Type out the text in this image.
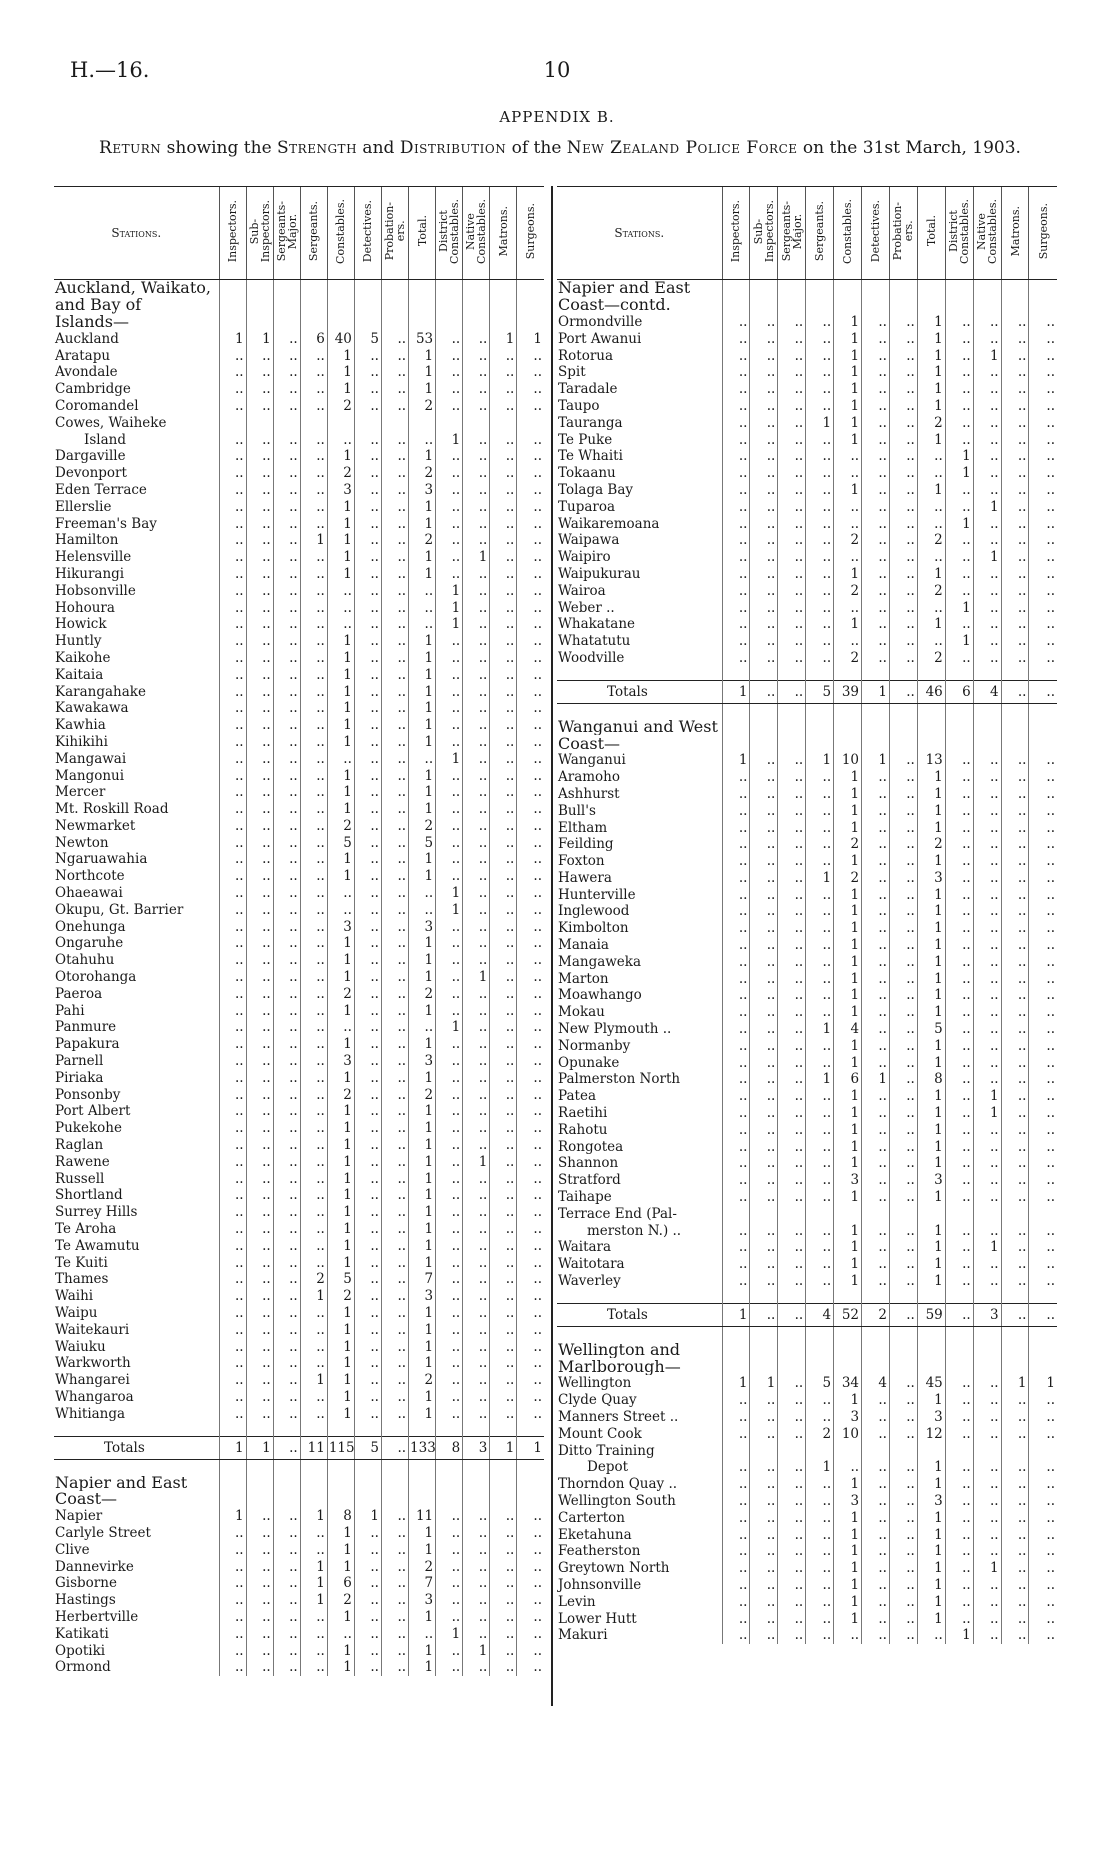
H.—16.	10
APPENDIX B.
Return showing the Strength and Distribution of the New Zealand Police Force on the 31st March, 1903.
Stations.	Inspectors.	Sub-
Inspectors.	Sergeants-
Major.	Sergeants.	Constables.	Detectives.	Probation-
ers.	Total.	District
Constables.	Native
Constables.	Matrons.	Surgeons.
Auckland, Waikato,												
and Bay of												
Islands—												
Auckland	1	1	..	6	40	5	..	53	..	..	1	1
Aratapu	..	..	..	..	1	..	..	1	..	..	..	..
Avondale	..	..	..	..	1	..	..	1	..	..	..	..
Cambridge	..	..	..	..	1	..	..	1	..	..	..	..
Coromandel	..	..	..	..	2	..	..	2	..	..	..	..
Cowes, Waiheke												
Island	..	..	..	..	..	..	..	..	1	..	..	..
Dargaville	..	..	..	..	1	..	..	1	..	..	..	..
Devonport	..	..	..	..	2	..	..	2	..	..	..	..
Eden Terrace	..	..	..	..	3	..	..	3	..	..	..	..
Ellerslie	..	..	..	..	1	..	..	1	..	..	..	..
Freeman's Bay	..	..	..	..	1	..	..	1	..	..	..	..
Hamilton	..	..	..	1	1	..	..	2	..	..	..	..
Helensville	..	..	..	..	1	..	..	1	..	1	..	..
Hikurangi	..	..	..	..	1	..	..	1	..	..	..	..
Hobsonville	..	..	..	..	..	..	..	..	1	..	..	..
Hohoura	..	..	..	..	..	..	..	..	1	..	..	..
Howick	..	..	..	..	..	..	..	..	1	..	..	..
Huntly	..	..	..	..	1	..	..	1	..	..	..	..
Kaikohe	..	..	..	..	1	..	..	1	..	..	..	..
Kaitaia	..	..	..	..	1	..	..	1	..	..	..	..
Karangahake	..	..	..	..	1	..	..	1	..	..	..	..
Kawakawa	..	..	..	..	1	..	..	1	..	..	..	..
Kawhia	..	..	..	..	1	..	..	1	..	..	..	..
Kihikihi	..	..	..	..	1	..	..	1	..	..	..	..
Mangawai	..	..	..	..	..	..	..	..	1	..	..	..
Mangonui	..	..	..	..	1	..	..	1	..	..	..	..
Mercer	..	..	..	..	1	..	..	1	..	..	..	..
Mt. Roskill Road	..	..	..	..	1	..	..	1	..	..	..	..
Newmarket	..	..	..	..	2	..	..	2	..	..	..	..
Newton	..	..	..	..	5	..	..	5	..	..	..	..
Ngaruawahia	..	..	..	..	1	..	..	1	..	..	..	..
Northcote	..	..	..	..	1	..	..	1	..	..	..	..
Ohaeawai	..	..	..	..	..	..	..	..	1	..	..	..
Okupu, Gt. Barrier	..	..	..	..	..	..	..	..	1	..	..	..
Onehunga	..	..	..	..	3	..	..	3	..	..	..	..
Ongaruhe	..	..	..	..	1	..	..	1	..	..	..	..
Otahuhu	..	..	..	..	1	..	..	1	..	..	..	..
Otorohanga	..	..	..	..	1	..	..	1	..	1	..	..
Paeroa	..	..	..	..	2	..	..	2	..	..	..	..
Pahi	..	..	..	..	1	..	..	1	..	..	..	..
Panmure	..	..	..	..	..	..	..	..	1	..	..	..
Papakura	..	..	..	..	1	..	..	1	..	..	..	..
Parnell	..	..	..	..	3	..	..	3	..	..	..	..
Piriaka	..	..	..	..	1	..	..	1	..	..	..	..
Ponsonby	..	..	..	..	2	..	..	2	..	..	..	..
Port Albert	..	..	..	..	1	..	..	1	..	..	..	..
Pukekohe	..	..	..	..	1	..	..	1	..	..	..	..
Raglan	..	..	..	..	1	..	..	1	..	..	..	..
Rawene	..	..	..	..	1	..	..	1	..	1	..	..
Russell	..	..	..	..	1	..	..	1	..	..	..	..
Shortland	..	..	..	..	1	..	..	1	..	..	..	..
Surrey Hills	..	..	..	..	1	..	..	1	..	..	..	..
Te Aroha	..	..	..	..	1	..	..	1	..	..	..	..
Te Awamutu	..	..	..	..	1	..	..	1	..	..	..	..
Te Kuiti	..	..	..	..	1	..	..	1	..	..	..	..
Thames	..	..	..	2	5	..	..	7	..	..	..	..
Waihi	..	..	..	1	2	..	..	3	..	..	..	..
Waipu	..	..	..	..	1	..	..	1	..	..	..	..
Waitekauri	..	..	..	..	1	..	..	1	..	..	..	..
Waiuku	..	..	..	..	1	..	..	1	..	..	..	..
Warkworth	..	..	..	..	1	..	..	1	..	..	..	..
Whangarei	..	..	..	1	1	..	..	2	..	..	..	..
Whangaroa	..	..	..	..	1	..	..	1	..	..	..	..
Whitianga	..	..	..	..	1	..	..	1	..	..	..	..

Totals	1	1	..	11	115	5	..	133	8	3	1	1

Napier and East												
Coast—												
Napier	1	..	..	1	8	1	..	11	..	..	..	..
Carlyle Street	..	..	..	..	1	..	..	1	..	..	..	..
Clive	..	..	..	..	1	..	..	1	..	..	..	..
Dannevirke	..	..	..	1	1	..	..	2	..	..	..	..
Gisborne	..	..	..	1	6	..	..	7	..	..	..	..
Hastings	..	..	..	1	2	..	..	3	..	..	..	..
Herbertville	..	..	..	..	1	..	..	1	..	..	..	..
Katikati	..	..	..	..	..	..	..	..	1	..	..	..
Opotiki	..	..	..	..	1	..	..	1	..	1	..	..
Ormond	..	..	..	..	1	..	..	1	..	..	..	..
Stations.	Inspectors.	Sub-
Inspectors.	Sergeants-
Major.	Sergeants.	Constables.	Detectives.	Probation-
ers.	Total.	District
Constables.	Native
Constables.	Matrons.	Surgeons.
Napier and East												
Coast—contd.												
Ormondville	..	..	..	..	1	..	..	1	..	..	..	..
Port Awanui	..	..	..	..	1	..	..	1	..	..	..	..
Rotorua	..	..	..	..	1	..	..	1	..	1	..	..
Spit	..	..	..	..	1	..	..	1	..	..	..	..
Taradale	..	..	..	..	1	..	..	1	..	..	..	..
Taupo	..	..	..	..	1	..	..	1	..	..	..	..
Tauranga	..	..	..	1	1	..	..	2	..	..	..	..
Te Puke	..	..	..	..	1	..	..	1	..	..	..	..
Te Whaiti	..	..	..	..	..	..	..	..	1	..	..	..
Tokaanu	..	..	..	..	..	..	..	..	1	..	..	..
Tolaga Bay	..	..	..	..	1	..	..	1	..	..	..	..
Tuparoa	..	..	..	..	..	..	..	..	..	1	..	..
Waikaremoana	..	..	..	..	..	..	..	..	1	..	..	..
Waipawa	..	..	..	..	2	..	..	2	..	..	..	..
Waipiro	..	..	..	..	..	..	..	..	..	1	..	..
Waipukurau	..	..	..	..	1	..	..	1	..	..	..	..
Wairoa	..	..	..	..	2	..	..	2	..	..	..	..
Weber ..	..	..	..	..	..	..	..	..	1	..	..	..
Whakatane	..	..	..	..	1	..	..	1	..	..	..	..
Whatatutu	..	..	..	..	..	..	..	..	1	..	..	..
Woodville	..	..	..	..	2	..	..	2	..	..	..	..

Totals	1	..	..	5	39	1	..	46	6	4	..	..

Wanganui and West												
Coast—												
Wanganui	1	..	..	1	10	1	..	13	..	..	..	..
Aramoho	..	..	..	..	1	..	..	1	..	..	..	..
Ashhurst	..	..	..	..	1	..	..	1	..	..	..	..
Bull's	..	..	..	..	1	..	..	1	..	..	..	..
Eltham	..	..	..	..	1	..	..	1	..	..	..	..
Feilding	..	..	..	..	2	..	..	2	..	..	..	..
Foxton	..	..	..	..	1	..	..	1	..	..	..	..
Hawera	..	..	..	1	2	..	..	3	..	..	..	..
Hunterville	..	..	..	..	1	..	..	1	..	..	..	..
Inglewood	..	..	..	..	1	..	..	1	..	..	..	..
Kimbolton	..	..	..	..	1	..	..	1	..	..	..	..
Manaia	..	..	..	..	1	..	..	1	..	..	..	..
Mangaweka	..	..	..	..	1	..	..	1	..	..	..	..
Marton	..	..	..	..	1	..	..	1	..	..	..	..
Moawhango	..	..	..	..	1	..	..	1	..	..	..	..
Mokau	..	..	..	..	1	..	..	1	..	..	..	..
New Plymouth ..	..	..	..	1	4	..	..	5	..	..	..	..
Normanby	..	..	..	..	1	..	..	1	..	..	..	..
Opunake	..	..	..	..	1	..	..	1	..	..	..	..
Palmerston North	..	..	..	1	6	1	..	8	..	..	..	..
Patea	..	..	..	..	1	..	..	1	..	1	..	..
Raetihi	..	..	..	..	1	..	..	1	..	1	..	..
Rahotu	..	..	..	..	1	..	..	1	..	..	..	..
Rongotea	..	..	..	..	1	..	..	1	..	..	..	..
Shannon	..	..	..	..	1	..	..	1	..	..	..	..
Stratford	..	..	..	..	3	..	..	3	..	..	..	..
Taihape	..	..	..	..	1	..	..	1	..	..	..	..
Terrace End (Pal-												
merston N.) ..	..	..	..	..	1	..	..	1	..	..	..	..
Waitara	..	..	..	..	1	..	..	1	..	1	..	..
Waitotara	..	..	..	..	1	..	..	1	..	..	..	..
Waverley	..	..	..	..	1	..	..	1	..	..	..	..

Totals	1	..	..	4	52	2	..	59	..	3	..	..

Wellington and												
Marlborough—												
Wellington	1	1	..	5	34	4	..	45	..	..	1	1
Clyde Quay	..	..	..	..	1	..	..	1	..	..	..	..
Manners Street ..	..	..	..	..	3	..	..	3	..	..	..	..
Mount Cook	..	..	..	2	10	..	..	12	..	..	..	..
Ditto Training												
Depot	..	..	..	1	..	..	..	1	..	..	..	..
Thorndon Quay ..	..	..	..	..	1	..	..	1	..	..	..	..
Wellington South	..	..	..	..	3	..	..	3	..	..	..	..
Carterton	..	..	..	..	1	..	..	1	..	..	..	..
Eketahuna	..	..	..	..	1	..	..	1	..	..	..	..
Featherston	..	..	..	..	1	..	..	1	..	..	..	..
Greytown North	..	..	..	..	1	..	..	1	..	1	..	..
Johnsonville	..	..	..	..	1	..	..	1	..	..	..	..
Levin	..	..	..	..	1	..	..	1	..	..	..	..
Lower Hutt	..	..	..	..	1	..	..	1	..	..	..	..
Makuri	..	..	..	..	..	..	..	..	1	..	..	..
